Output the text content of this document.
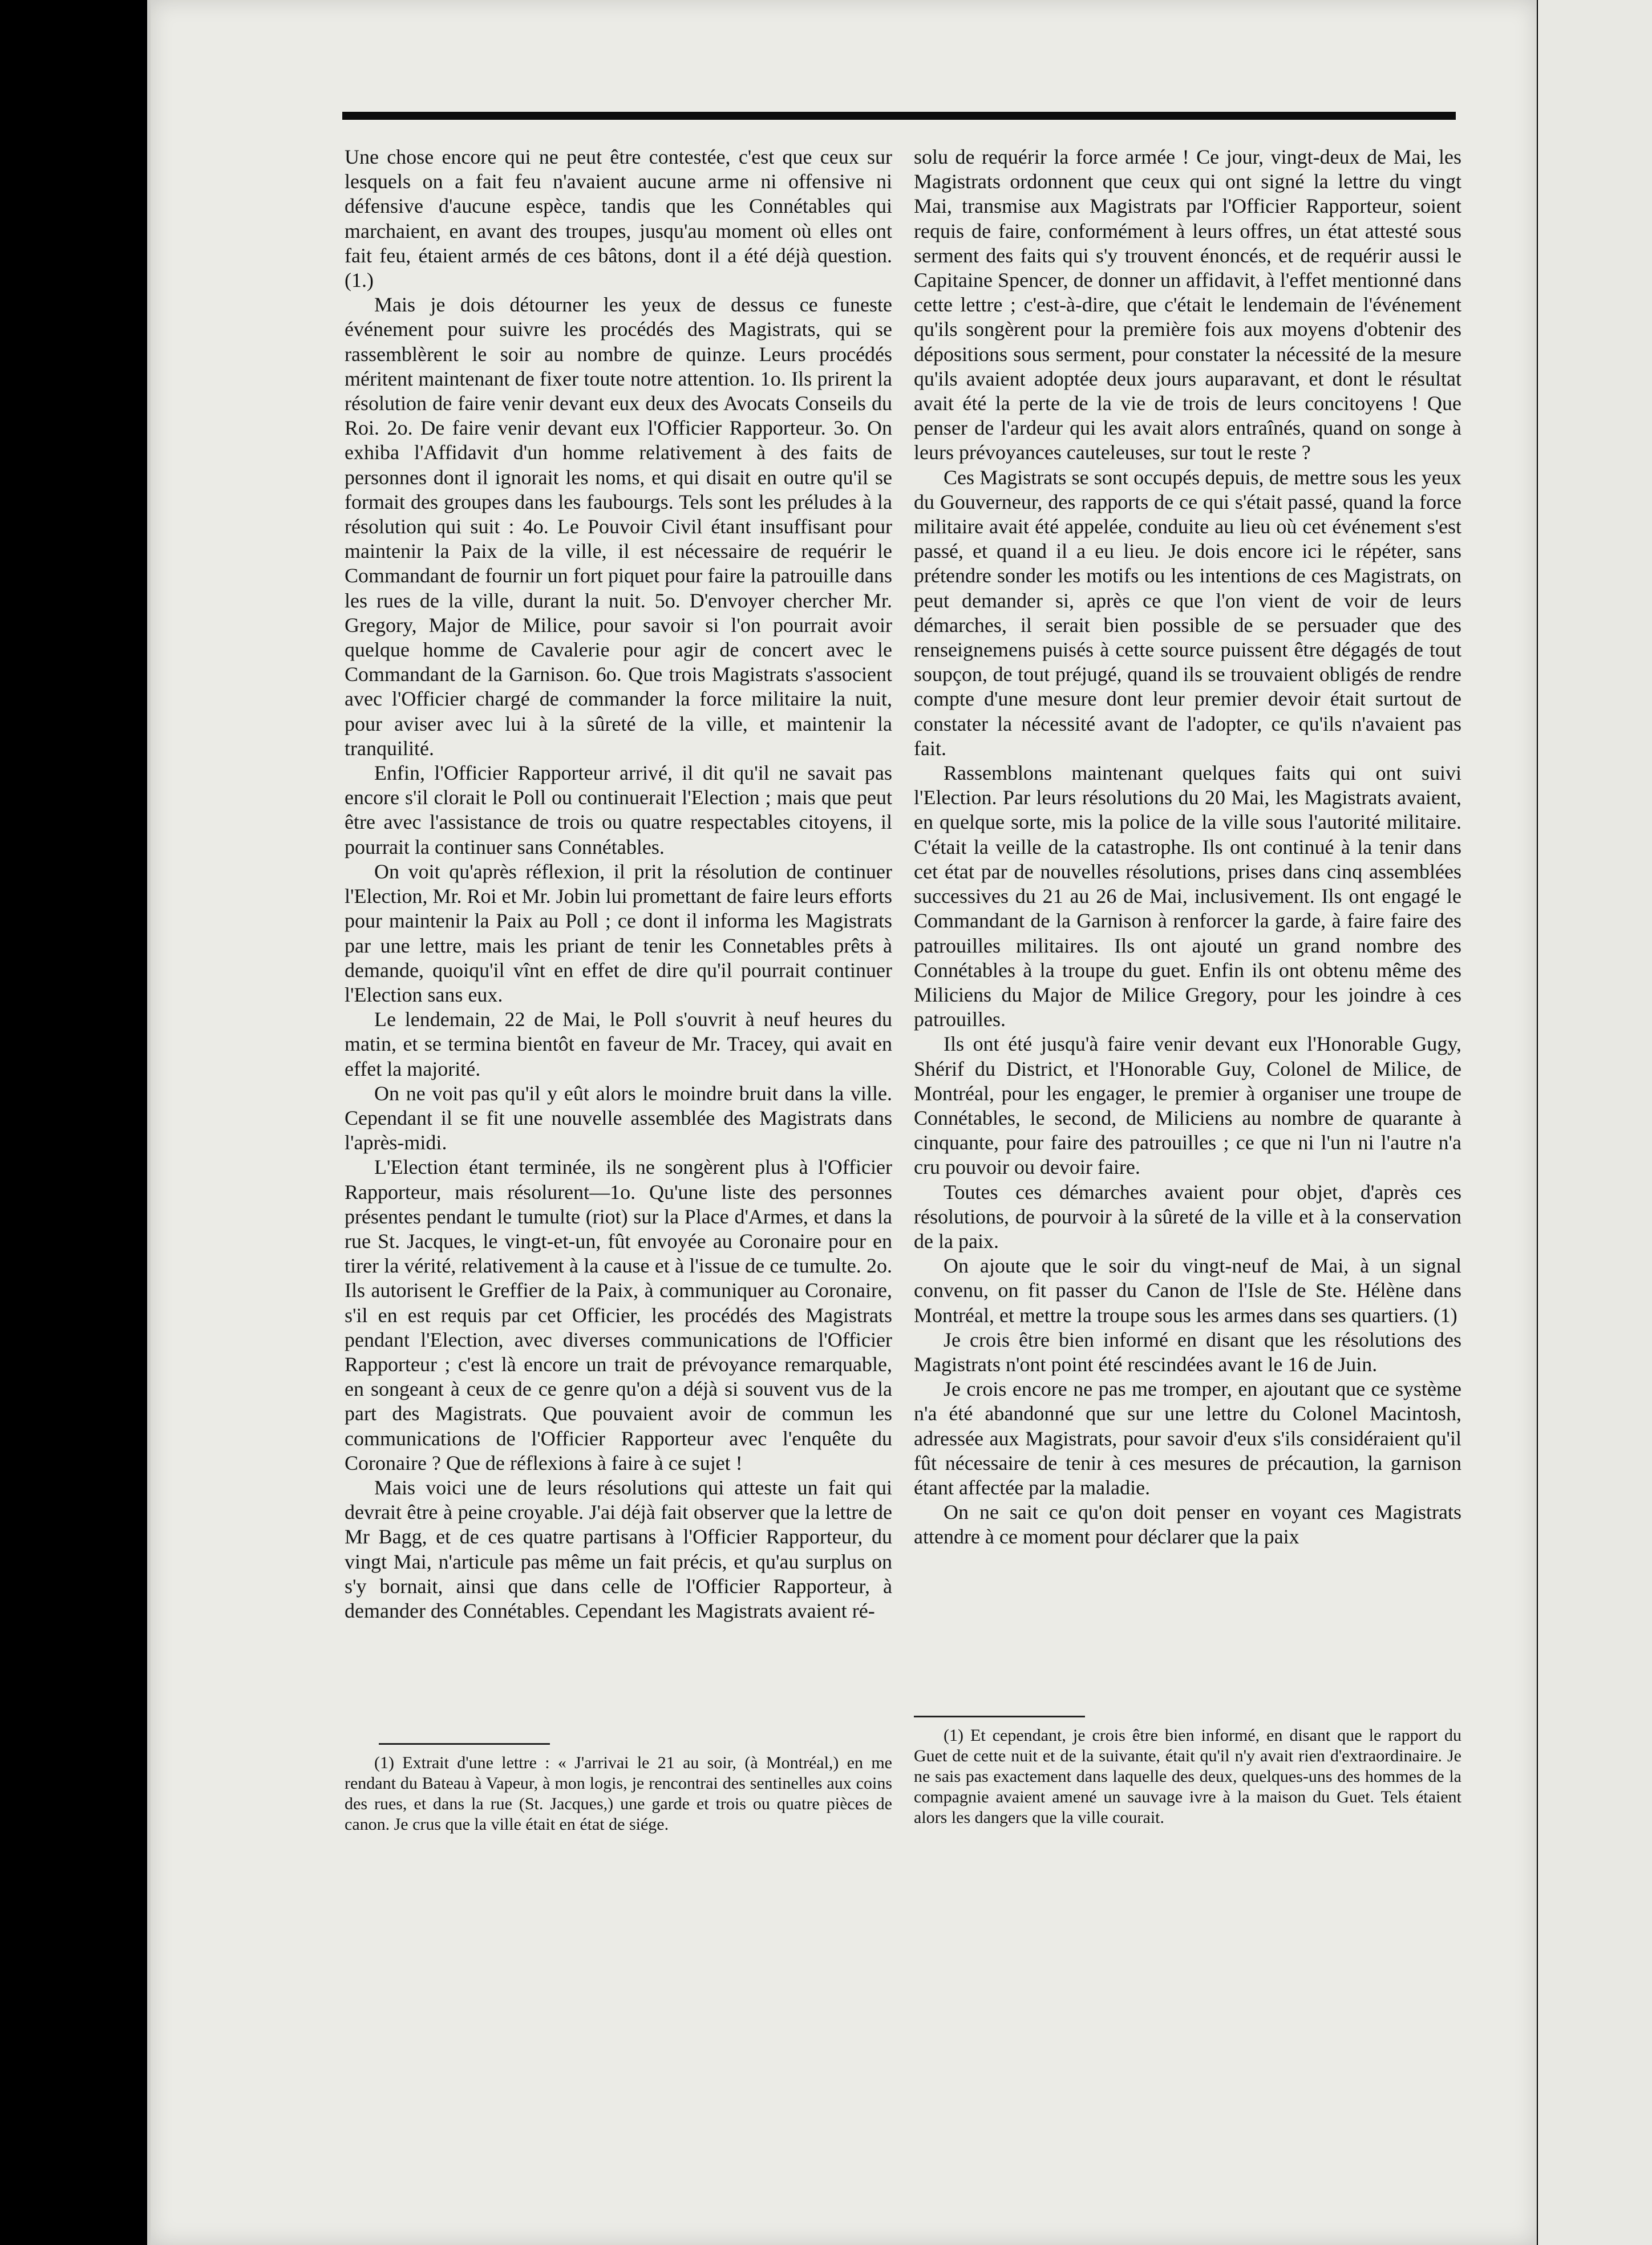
Une chose encore qui ne peut être contestée, c'est que ceux sur lesquels on a fait feu n'avaient aucune arme ni offensive ni défensive d'aucune espèce, tandis que les Connétables qui marchaient, en avant des troupes, jusqu'au moment où elles ont fait feu, étaient armés de ces bâtons, dont il a été déjà question. (1.)

Mais je dois détourner les yeux de dessus ce funeste événement pour suivre les procédés des Magistrats, qui se rassemblèrent le soir au nombre de quinze. Leurs procédés méritent maintenant de fixer toute notre attention. 1o. Ils prirent la résolution de faire venir devant eux deux des Avocats Conseils du Roi. 2o. De faire venir devant eux l'Officier Rapporteur. 3o. On exhiba l'Affidavit d'un homme relativement à des faits de personnes dont il ignorait les noms, et qui disait en outre qu'il se formait des groupes dans les faubourgs. Tels sont les préludes à la résolution qui suit : 4o. Le Pouvoir Civil étant insuffisant pour maintenir la Paix de la ville, il est nécessaire de requérir le Commandant de fournir un fort piquet pour faire la patrouille dans les rues de la ville, durant la nuit. 5o. D'envoyer chercher Mr. Gregory, Major de Milice, pour savoir si l'on pourrait avoir quelque homme de Cavalerie pour agir de concert avec le Commandant de la Garnison. 6o. Que trois Magistrats s'associent avec l'Officier chargé de commander la force militaire la nuit, pour aviser avec lui à la sûreté de la ville, et maintenir la tranquilité.

Enfin, l'Officier Rapporteur arrivé, il dit qu'il ne savait pas encore s'il clorait le Poll ou continuerait l'Election ; mais que peut être avec l'assistance de trois ou quatre respectables citoyens, il pourrait la continuer sans Connétables.

On voit qu'après réflexion, il prit la résolution de continuer l'Election, Mr. Roi et Mr. Jobin lui promettant de faire leurs efforts pour maintenir la Paix au Poll ; ce dont il informa les Magistrats par une lettre, mais les priant de tenir les Connetables prêts à demande, quoiqu'il vînt en effet de dire qu'il pourrait continuer l'Election sans eux.

Le lendemain, 22 de Mai, le Poll s'ouvrit à neuf heures du matin, et se termina bientôt en faveur de Mr. Tracey, qui avait en effet la majorité.

On ne voit pas qu'il y eût alors le moindre bruit dans la ville. Cependant il se fit une nouvelle assemblée des Magistrats dans l'après-midi.

L'Election étant terminée, ils ne songèrent plus à l'Officier Rapporteur, mais résolurent—1o. Qu'une liste des personnes présentes pendant le tumulte (riot) sur la Place d'Armes, et dans la rue St. Jacques, le vingt-et-un, fût envoyée au Coronaire pour en tirer la vérité, relativement à la cause et à l'issue de ce tumulte. 2o. Ils autorisent le Greffier de la Paix, à communiquer au Coronaire, s'il en est requis par cet Officier, les procédés des Magistrats pendant l'Election, avec diverses communications de l'Officier Rapporteur ; c'est là encore un trait de prévoyance remarquable, en songeant à ceux de ce genre qu'on a déjà si souvent vus de la part des Magistrats. Que pouvaient avoir de commun les communications de l'Officier Rapporteur avec l'enquête du Coronaire ? Que de réflexions à faire à ce sujet !

Mais voici une de leurs résolutions qui atteste un fait qui devrait être à peine croyable. J'ai déjà fait observer que la lettre de Mr Bagg, et de ces quatre partisans à l'Officier Rapporteur, du vingt Mai, n'articule pas même un fait précis, et qu'au surplus on s'y bornait, ainsi que dans celle de l'Officier Rapporteur, à demander des Connétables. Cependant les Magistrats avaient ré-

(1) Extrait d'une lettre : « J'arrivai le 21 au soir, (à Montréal,) en me rendant du Bateau à Vapeur, à mon logis, je rencontrai des sentinelles aux coins des rues, et dans la rue (St. Jacques,) une garde et trois ou quatre pièces de canon. Je crus que la ville était en état de siége.

solu de requérir la force armée ! Ce jour, vingt-deux de Mai, les Magistrats ordonnent que ceux qui ont signé la lettre du vingt Mai, transmise aux Magistrats par l'Officier Rapporteur, soient requis de faire, conformément à leurs offres, un état attesté sous serment des faits qui s'y trouvent énoncés, et de requérir aussi le Capitaine Spencer, de donner un affidavit, à l'effet mentionné dans cette lettre ; c'est-à-dire, que c'était le lendemain de l'événement qu'ils songèrent pour la première fois aux moyens d'obtenir des dépositions sous serment, pour constater la nécessité de la mesure qu'ils avaient adoptée deux jours auparavant, et dont le résultat avait été la perte de la vie de trois de leurs concitoyens ! Que penser de l'ardeur qui les avait alors entraînés, quand on songe à leurs prévoyances cauteleuses, sur tout le reste ?

Ces Magistrats se sont occupés depuis, de mettre sous les yeux du Gouverneur, des rapports de ce qui s'était passé, quand la force militaire avait été appelée, conduite au lieu où cet événement s'est passé, et quand il a eu lieu. Je dois encore ici le répéter, sans prétendre sonder les motifs ou les intentions de ces Magistrats, on peut demander si, après ce que l'on vient de voir de leurs démarches, il serait bien possible de se persuader que des renseignemens puisés à cette source puissent être dégagés de tout soupçon, de tout préjugé, quand ils se trouvaient obligés de rendre compte d'une mesure dont leur premier devoir était surtout de constater la nécessité avant de l'adopter, ce qu'ils n'avaient pas fait.

Rassemblons maintenant quelques faits qui ont suivi l'Election. Par leurs résolutions du 20 Mai, les Magistrats avaient, en quelque sorte, mis la police de la ville sous l'autorité militaire. C'était la veille de la catastrophe. Ils ont continué à la tenir dans cet état par de nouvelles résolutions, prises dans cinq assemblées successives du 21 au 26 de Mai, inclusivement. Ils ont engagé le Commandant de la Garnison à renforcer la garde, à faire faire des patrouilles militaires. Ils ont ajouté un grand nombre des Connétables à la troupe du guet. Enfin ils ont obtenu même des Miliciens du Major de Milice Gregory, pour les joindre à ces patrouilles.

Ils ont été jusqu'à faire venir devant eux l'Honorable Gugy, Shérif du District, et l'Honorable Guy, Colonel de Milice, de Montréal, pour les engager, le premier à organiser une troupe de Connétables, le second, de Miliciens au nombre de quarante à cinquante, pour faire des patrouilles ; ce que ni l'un ni l'autre n'a cru pouvoir ou devoir faire.

Toutes ces démarches avaient pour objet, d'après ces résolutions, de pourvoir à la sûreté de la ville et à la conservation de la paix.

On ajoute que le soir du vingt-neuf de Mai, à un signal convenu, on fit passer du Canon de l'Isle de Ste. Hélène dans Montréal, et mettre la troupe sous les armes dans ses quartiers. (1)

Je crois être bien informé en disant que les résolutions des Magistrats n'ont point été rescindées avant le 16 de Juin.

Je crois encore ne pas me tromper, en ajoutant que ce système n'a été abandonné que sur une lettre du Colonel Macintosh, adressée aux Magistrats, pour savoir d'eux s'ils considéraient qu'il fût nécessaire de tenir à ces mesures de précaution, la garnison étant affectée par la maladie.

On ne sait ce qu'on doit penser en voyant ces Magistrats attendre à ce moment pour déclarer que la paix

(1) Et cependant, je crois être bien informé, en disant que le rapport du Guet de cette nuit et de la suivante, était qu'il n'y avait rien d'extraordinaire. Je ne sais pas exactement dans laquelle des deux, quelques-uns des hommes de la compagnie avaient amené un sauvage ivre à la maison du Guet. Tels étaient alors les dangers que la ville courait.
